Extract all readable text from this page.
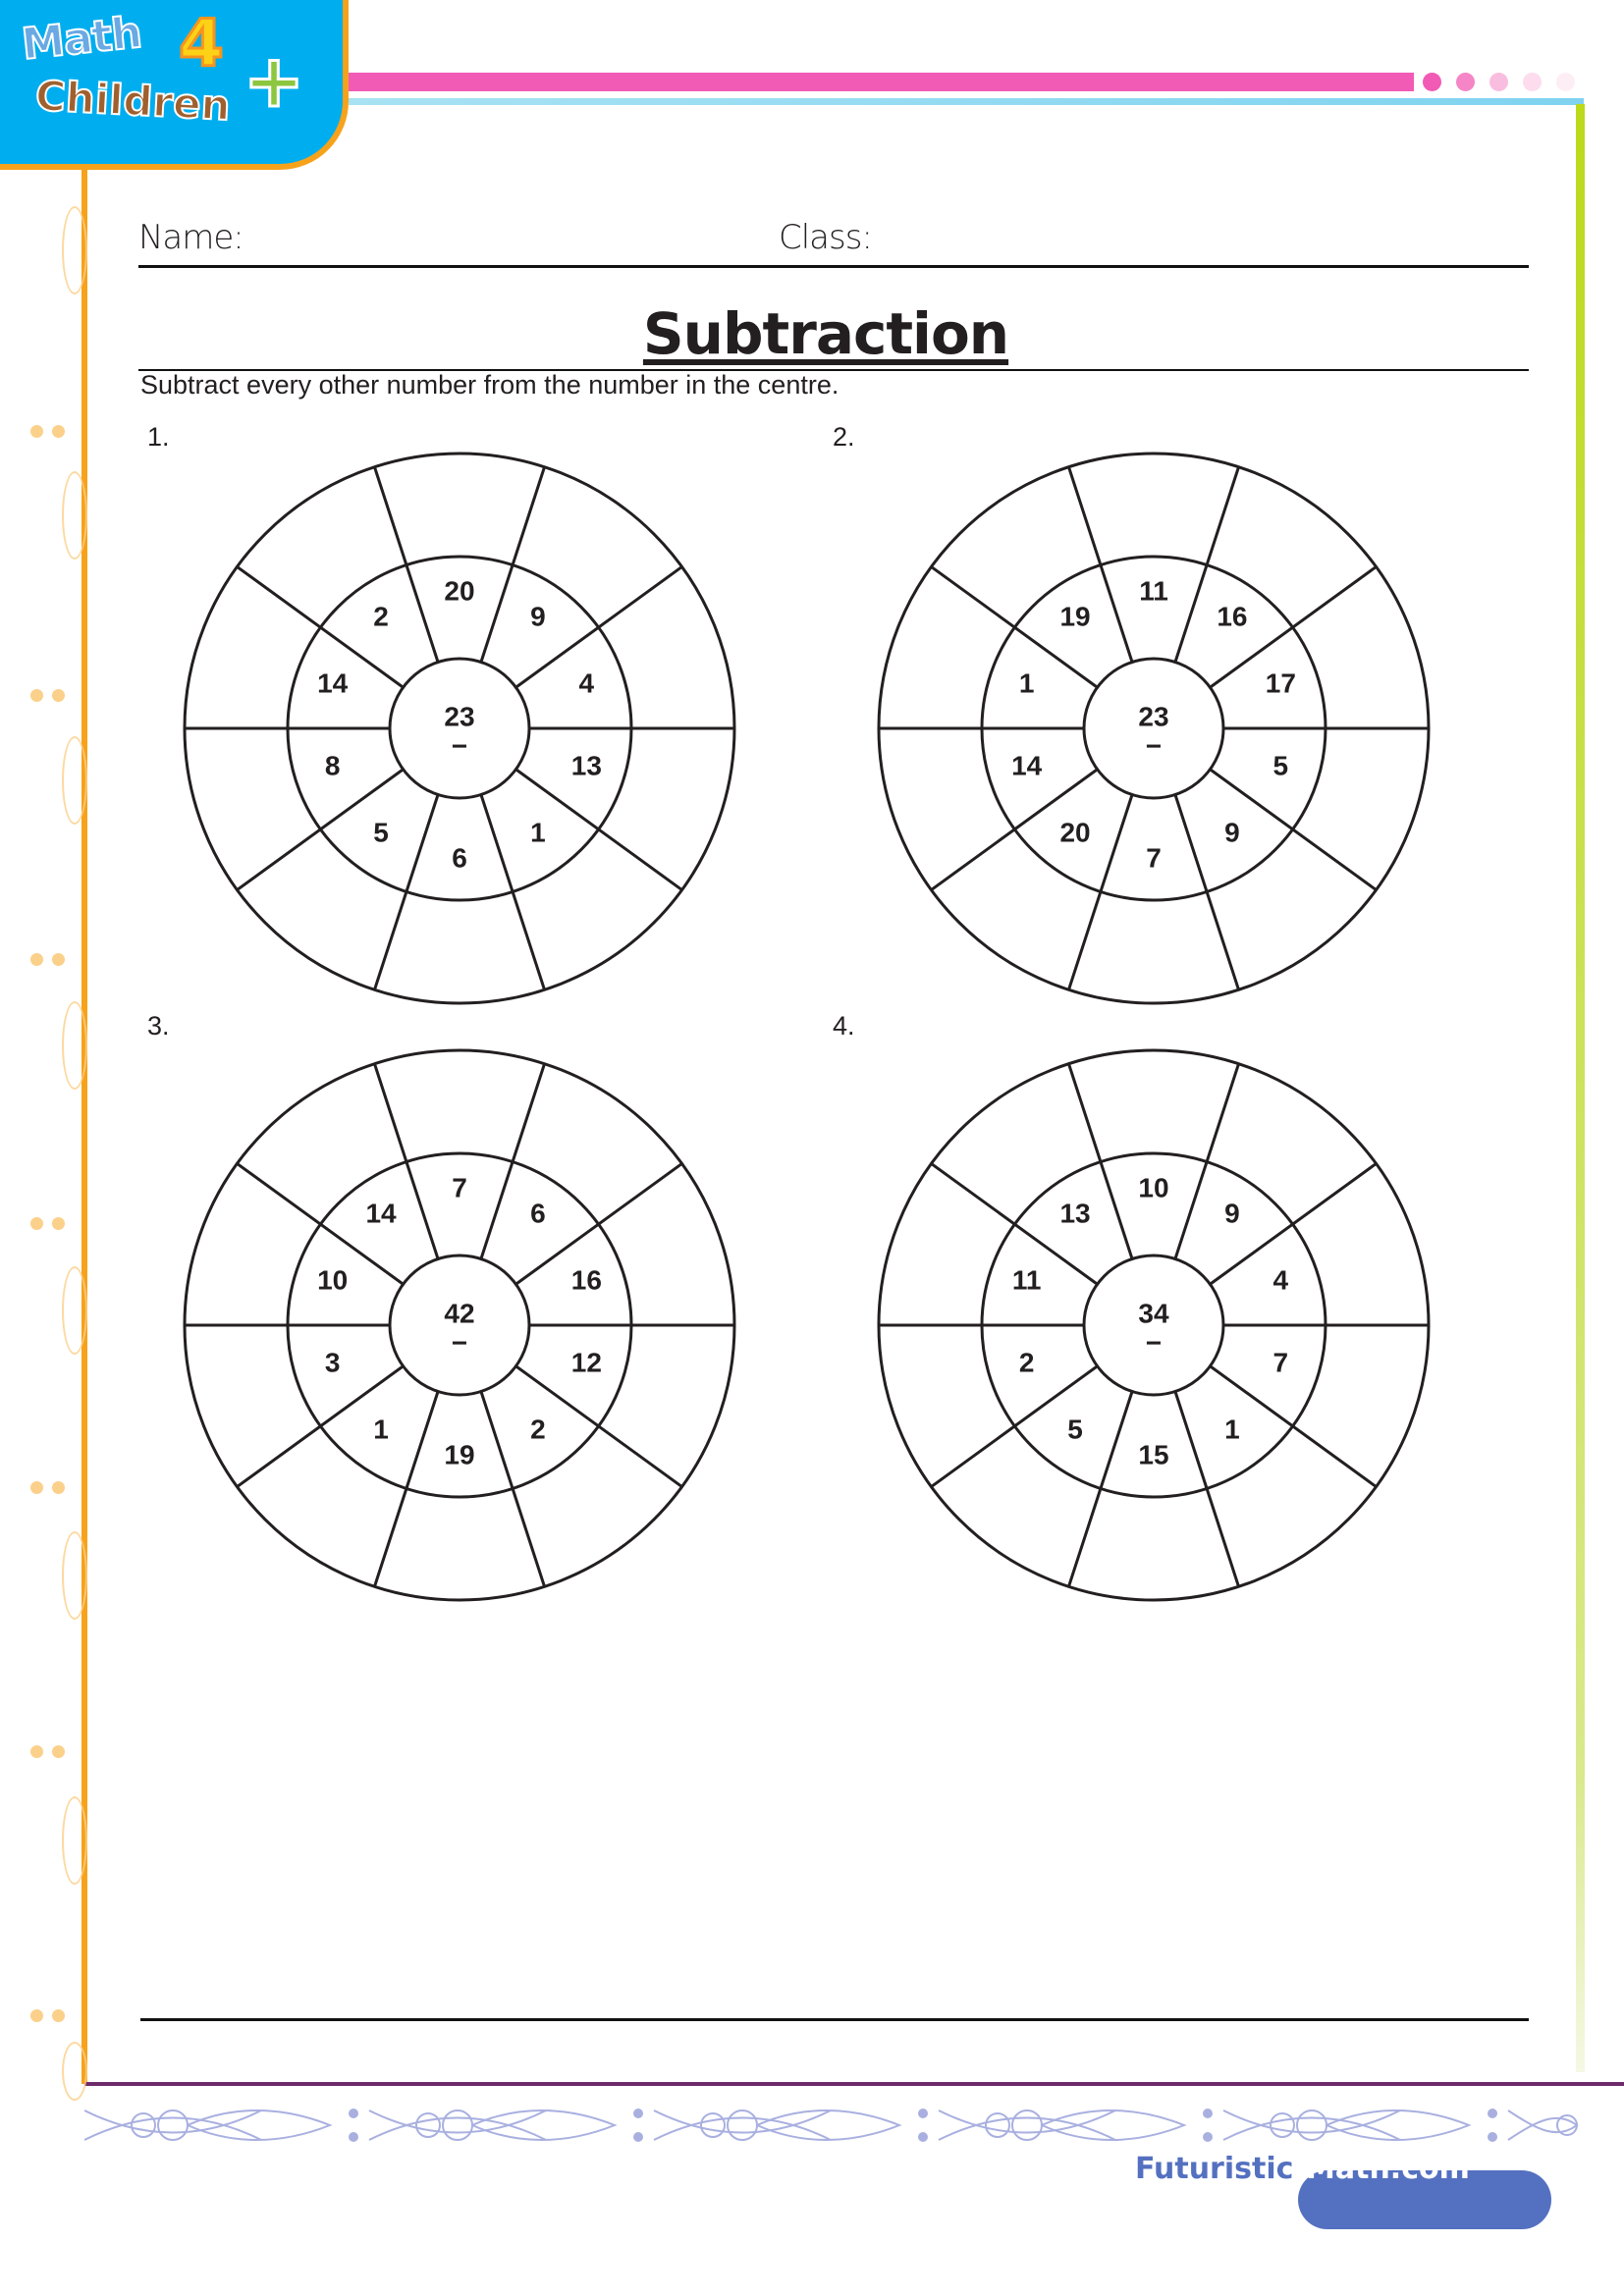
Math 4
Children +
Name:	Class:
Subtraction
Subtract every other number from the number in the centre.
1.	2.
3.	4.
20
9
4
13
1
6
5
8
14
2
23
−
11
16
17
5
9
7
20
14
1
19
23
−
7
6
16
12
2
19
1
3
10
14
42
−
10
9
4
7
1
15
5
2
11
13
34
−
Futuristic Math.com
